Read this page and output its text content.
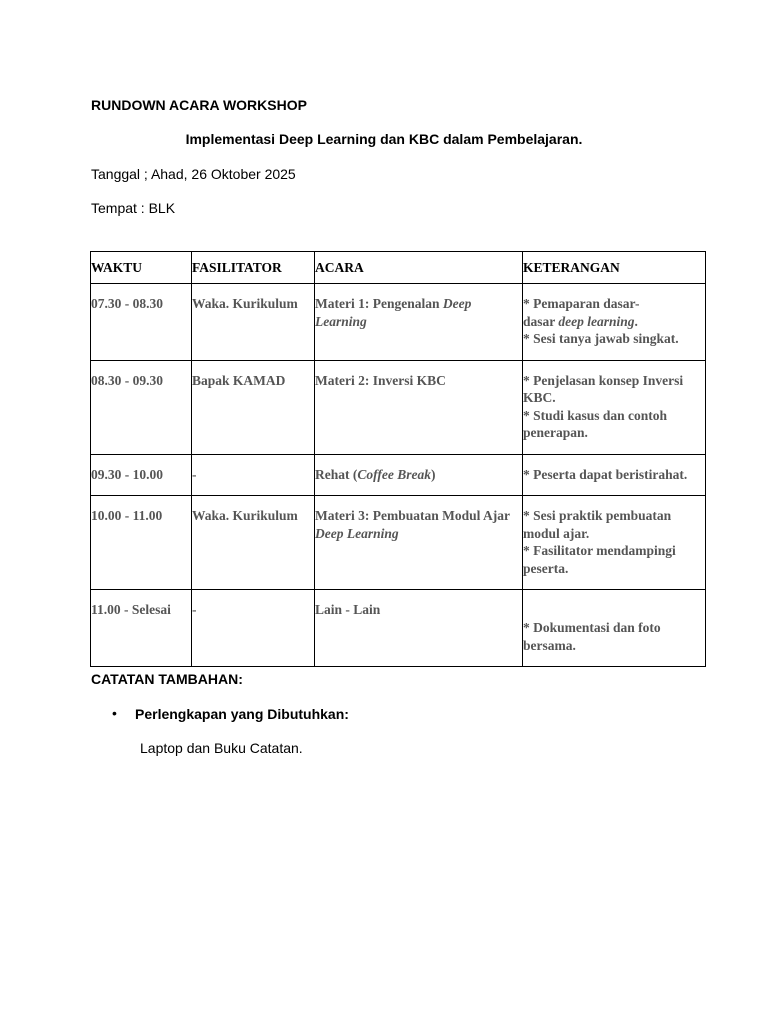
RUNDOWN ACARA WORKSHOP
Implementasi Deep Learning dan KBC dalam Pembelajaran.
Tanggal ; Ahad, 26 Oktober 2025
Tempat : BLK
WAKTU	FASILITATOR	ACARA	KETERANGAN
07.30 - 08.30	Waka. Kurikulum	Materi 1: Pengenalan Deep Learning	* Pemaparan dasar-
dasar deep learning.
* Sesi tanya jawab singkat.

08.30 - 09.30	Bapak KAMAD	Materi 2: Inversi KBC	* Penjelasan konsep Inversi KBC.
* Studi kasus dan contoh penerapan.

09.30 - 10.00	-	Rehat (Coffee Break)	* Peserta dapat beristirahat.

10.00 - 11.00	Waka. Kurikulum	Materi 3: Pembuatan Modul Ajar Deep Learning	* Sesi praktik pembuatan modul ajar.
* Fasilitator mendampingi peserta.

11.00 - Selesai	-	Lain - Lain	* Dokumentasi dan foto bersama.
CATATAN TAMBAHAN:
• Perlengkapan yang Dibutuhkan:
Laptop dan Buku Catatan.
